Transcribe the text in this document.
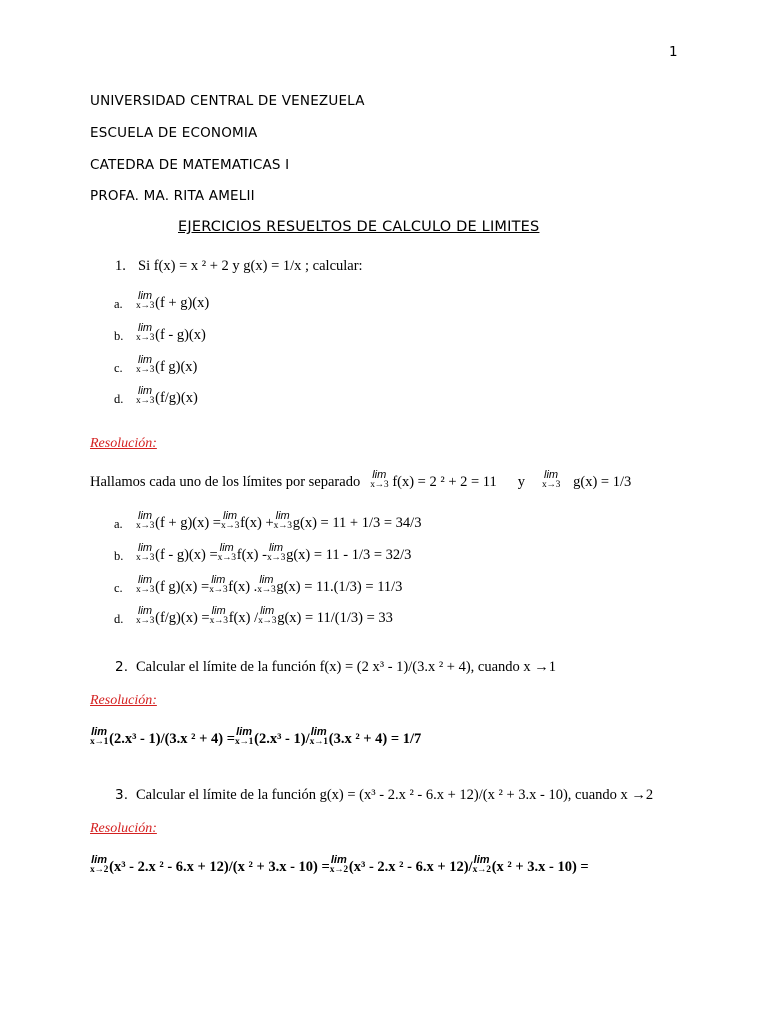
1
UNIVERSIDAD CENTRAL DE VENEZUELA
ESCUELA DE ECONOMIA
CATEDRA DE MATEMATICAS I
PROFA. MA. RITA AMELII
EJERCICIOS RESUELTOS DE CALCULO DE LIMITES
1. Si f(x) = x ² + 2 y g(x) = 1/x ; calcular:
a.
lim
x→3 (f + g)(x)
b.
lim
x→3 (f - g)(x)
c.
lim
x→3 (f g)(x)
d.
lim
x→3 (f/g)(x)
Resolución:
Hallamos cada uno de los límites por separado lim
x→3 f(x) = 2 ² + 2 = 11 y lim
x→3 g(x) = 1/3
a.
lim
x→3 (f + g)(x) = lim
x→3 f(x) + lim
x→3 g(x) = 11 + 1/3 = 34/3
b.
lim
x→3 (f - g)(x) = lim
x→3 f(x) - lim
x→3 g(x) = 11 - 1/3 = 32/3
c.
lim
x→3 (f g)(x) = lim
x→3 f(x) . lim
x→3 g(x) = 11.(1/3) = 11/3
d.
lim
x→3 (f/g)(x) = lim
x→3 f(x) / lim
x→3 g(x) = 11/(1/3) = 33
2. Calcular el límite de la función f(x) = (2 x³ - 1)/(3.x ² + 4), cuando x →1
Resolución:
lim
x→1 (2.x³ - 1)/(3.x ² + 4) = lim
x→1 (2.x³ - 1)/ lim
x→1 (3.x ² + 4) = 1/7
3. Calcular el límite de la función g(x) = (x³ - 2.x ² - 6.x + 12)/(x ² + 3.x - 10), cuando x →2
Resolución:
lim
x→2 (x³ - 2.x ² - 6.x + 12)/(x ² + 3.x - 10) = lim
x→2 (x³ - 2.x ² - 6.x + 12)/ lim
x→2 (x ² + 3.x - 10) =
